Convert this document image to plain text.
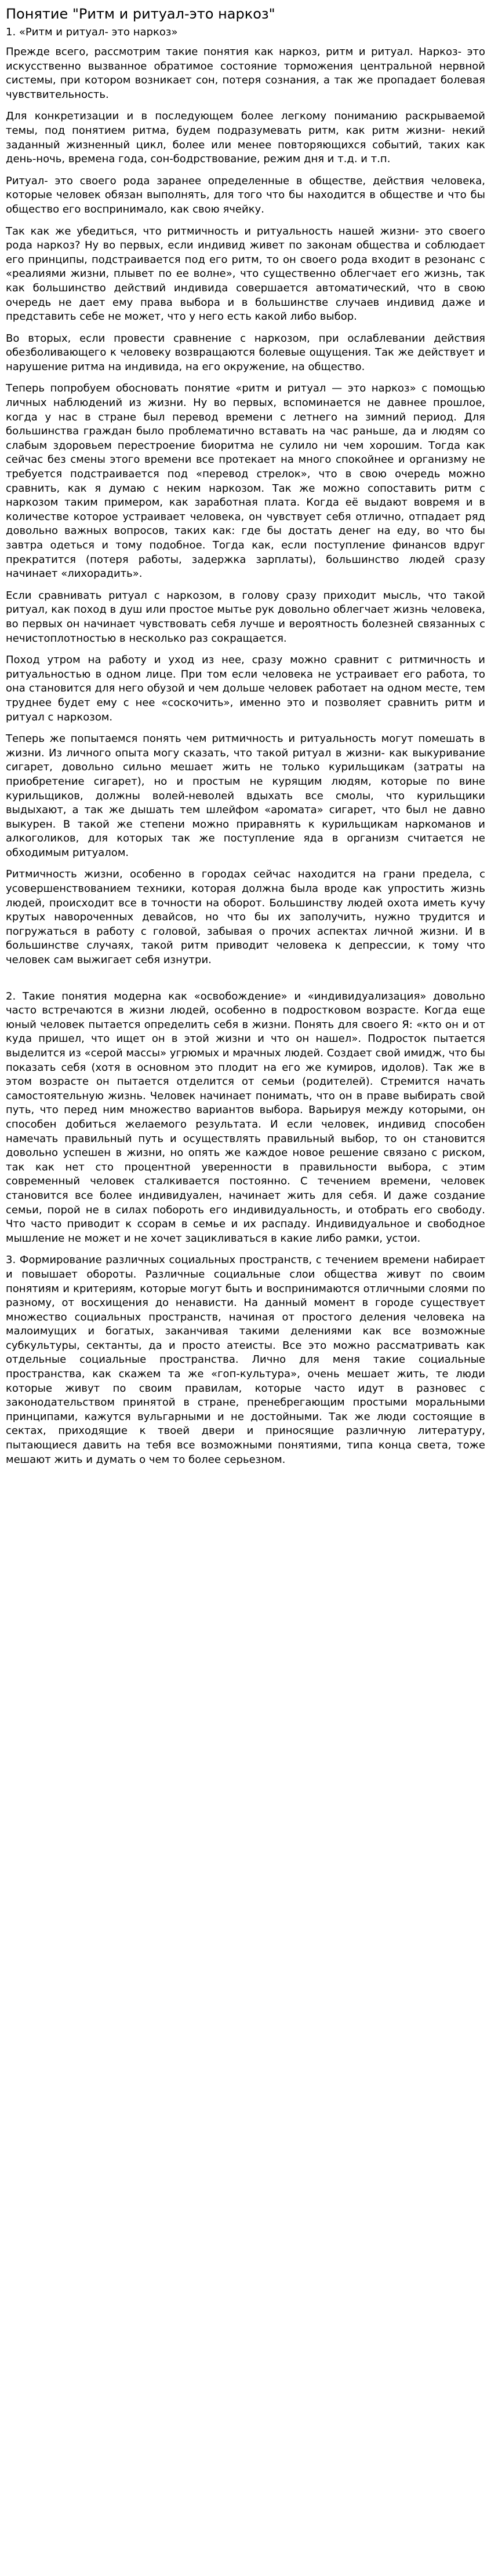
Понятие "Ритм и ритуал-это наркоз"
1. «Ритм и ритуал- это наркоз»

Прежде всего, рассмотрим такие понятия как наркоз, ритм и ритуал. Наркоз- это искусственно вызванное обратимое состояние торможения центральной нервной системы, при котором возникает сон, потеря сознания, а так же пропадает болевая чувствительность.

Для конкретизации и в последующем более легкому пониманию раскрываемой темы, под понятием ритма, будем подразумевать ритм, как ритм жизни- некий заданный жизненный цикл, более или менее повторяющихся событий, таких как день-ночь, времена года, сон-бодрствование, режим дня и т.д. и т.п.

Ритуал- это своего рода заранее определенные в обществе, действия человека, которые человек обязан выполнять, для того что бы находится в обществе и что бы общество его воспринимало, как свою ячейку.

Так как же убедиться, что ритмичность и ритуальность нашей жизни- это своего рода наркоз? Ну во первых, если индивид живет по законам общества и соблюдает его принципы, подстраивается под его ритм, то он своего рода входит в резонанс с «реалиями жизни, плывет по ее волне», что существенно облегчает его жизнь, так как большинство действий индивида совершается автоматический, что в свою очередь не дает ему права выбора и в большинстве случаев индивид даже и представить себе не может, что у него есть какой либо выбор.

Во вторых, если провести сравнение с наркозом, при ослаблевании действия обезболивающего к человеку возвращаются болевые ощущения. Так же действует и нарушение ритма на индивида, на его окружение, на общество.

Теперь попробуем обосновать понятие «ритм и ритуал — это наркоз» с помощью личных наблюдений из жизни. Ну во первых, вспоминается не давнее прошлое, когда у нас в стране был перевод времени с летнего на зимний период. Для большинства граждан было проблематично вставать на час раньше, да и людям со слабым здоровьем перестроение биоритма не сулило ни чем хорошим. Тогда как сейчас без смены этого времени все протекает на много спокойнее и организму не требуется подстраивается под «перевод стрелок», что в свою очередь можно сравнить, как я думаю с неким наркозом. Так же можно сопоставить ритм с наркозом таким примером, как заработная плата. Когда её выдают вовремя и в количестве которое устраивает человека, он чувствует себя отлично, отпадает ряд довольно важных вопросов, таких как: где бы достать денег на еду, во что бы завтра одеться и тому подобное. Тогда как, если поступление финансов вдруг прекратится (потеря работы, задержка зарплаты), большинство людей сразу начинает «лихорадить».

Если сравнивать ритуал с наркозом, в голову сразу приходит мысль, что такой ритуал, как поход в душ или простое мытье рук довольно облегчает жизнь человека, во первых он начинает чувствовать себя лучше и вероятность болезней связанных с нечистоплотностью в несколько раз сокращается.

Поход утром на работу и уход из нее, сразу можно сравнит с ритмичность и ритуальностью в одном лице. При том если человека не устраивает его работа, то она становится для него обузой и чем дольше человек работает на одном месте, тем труднее будет ему с нее «соскочить», именно это и позволяет сравнить ритм и ритуал с наркозом.

Теперь же попытаемся понять чем ритмичность и ритуальность могут помешать в жизни. Из личного опыта могу сказать, что такой ритуал в жизни- как выкуривание сигарет, довольно сильно мешает жить не только курильщикам (затраты на приобретение сигарет), но и простым не курящим людям, которые по вине курильщиков, должны волей-неволей вдыхать все смолы, что курильщики выдыхают, а так же дышать тем шлейфом «аромата» сигарет, что был не давно выкурен. В такой же степени можно приравнять к курильщикам наркоманов и алкоголиков, для которых так же поступление яда в организм считается не обходимым ритуалом.

Ритмичность жизни, особенно в городах сейчас находится на грани предела, с усовершенствованием техники, которая должна была вроде как упростить жизнь людей, происходит все в точности на оборот. Большинству людей охота иметь кучу крутых навороченных девайсов, но что бы их заполучить, нужно трудится и погружаться в работу с головой, забывая о прочих аспектах личной жизни. И в большинстве случаях, такой ритм приводит человека к депрессии, к тому что человек сам выжигает себя изнутри.

2. Такие понятия модерна как «освобождение» и «индивидуализация» довольно часто встречаются в жизни людей, особенно в подростковом возрасте. Когда еще юный человек пытается определить себя в жизни. Понять для своего Я: «кто он и от куда пришел, что ищет он в этой жизни и что он нашел». Подросток пытается выделится из «серой массы» угрюмых и мрачных людей. Создает свой имидж, что бы показать себя (хотя в основном это плодит на его же кумиров, идолов). Так же в этом возрасте он пытается отделится от семьи (родителей). Стремится начать самостоятельную жизнь. Человек начинает понимать, что он в праве выбирать свой путь, что перед ним множество вариантов выбора. Варьируя между которыми, он способен добиться желаемого результата. И если человек, индивид способен намечать правильный путь и осуществлять правильный выбор, то он становится довольно успешен в жизни, но опять же каждое новое решение связано с риском, так как нет сто процентной уверенности в правильности выбора, с этим современный человек сталкивается постоянно. С течением времени, человек становится все более индивидуален, начинает жить для себя. И даже создание семьи, порой не в силах побороть его индивидуальность, и отобрать его свободу. Что часто приводит к ссорам в семье и их распаду. Индивидуальное и свободное мышление не может и не хочет зацикливаться в какие либо рамки, устои.

3. Формирование различных социальных пространств, с течением времени набирает и повышает обороты. Различные социальные слои общества живут по своим понятиям и критериям, которые могут быть и воспринимаются отличными слоями по разному, от восхищения до ненависти. На данный момент в городе существует множество социальных пространств, начиная от простого деления человека на малоимущих и богатых, заканчивая такими делениями как все возможные субкультуры, сектанты, да и просто атеисты. Все это можно рассматривать как отдельные социальные пространства. Лично для меня такие социальные пространства, как скажем та же «гоп-культура», очень мешает жить, те люди которые живут по своим правилам, которые часто идут в разновес с законодательством принятой в стране, пренебрегающим простыми моральными принципами, кажутся вульгарными и не достойными. Так же люди состоящие в сектах, приходящие к твоей двери и приносящие различную литературу, пытающиеся давить на тебя все возможными понятиями, типа конца света, тоже мешают жить и думать о чем то более серьезном.
